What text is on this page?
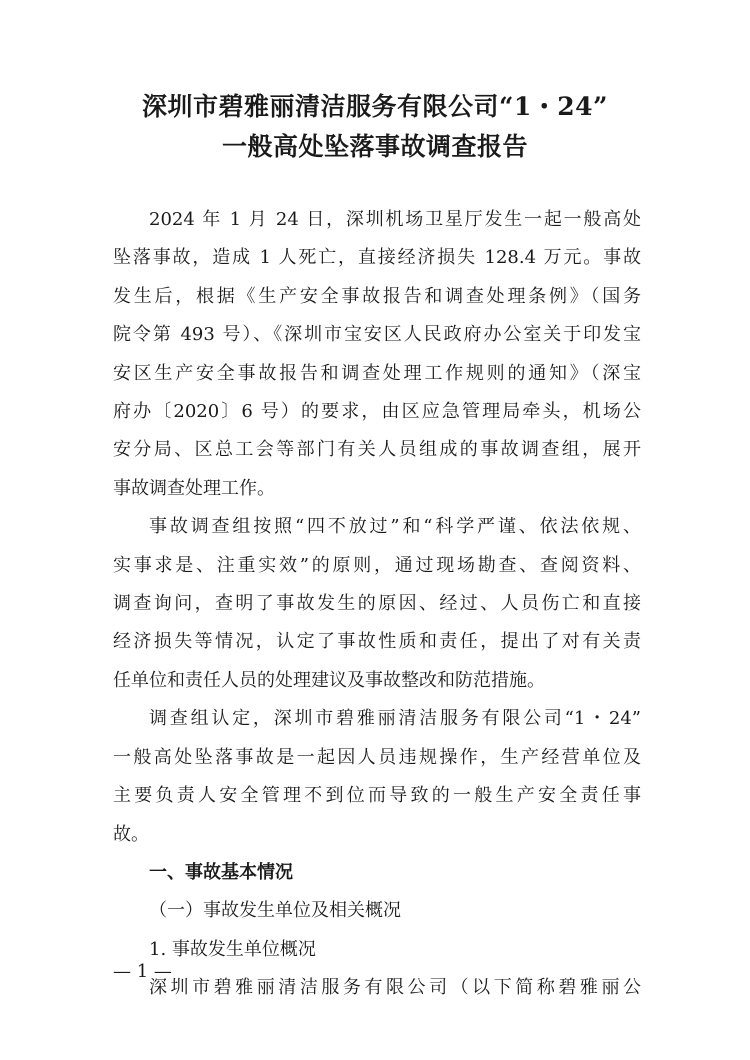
深圳市碧雅丽清洁服务有限公司“1・24”
一般高处坠落事故调查报告
2024 年 1 月 24 日，深圳机场卫星厅发生一起一般高处
坠落事故，造成 1 人死亡，直接经济损失 128.4 万元。事故
发生后，根据《生产安全事故报告和调查处理条例》（国务
院令第 493 号）、《深圳市宝安区人民政府办公室关于印发宝
安区生产安全事故报告和调查处理工作规则的通知》（深宝
府办〔2020〕6 号）的要求，由区应急管理局牵头，机场公
安分局、区总工会等部门有关人员组成的事故调查组，展开
事故调查处理工作。
事故调查组按照“四不放过”和“科学严谨、依法依规、
实事求是、注重实效”的原则，通过现场勘查、查阅资料、
调查询问，查明了事故发生的原因、经过、人员伤亡和直接
经济损失等情况，认定了事故性质和责任，提出了对有关责
任单位和责任人员的处理建议及事故整改和防范措施。
调查组认定，深圳市碧雅丽清洁服务有限公司“1・24”
一般高处坠落事故是一起因人员违规操作，生产经营单位及
主要负责人安全管理不到位而导致的一般生产安全责任事
故。
一、事故基本情况
（一）事故发生单位及相关概况
1. 事故发生单位概况
深圳市碧雅丽清洁服务有限公司（以下简称碧雅丽公
— 1 —
